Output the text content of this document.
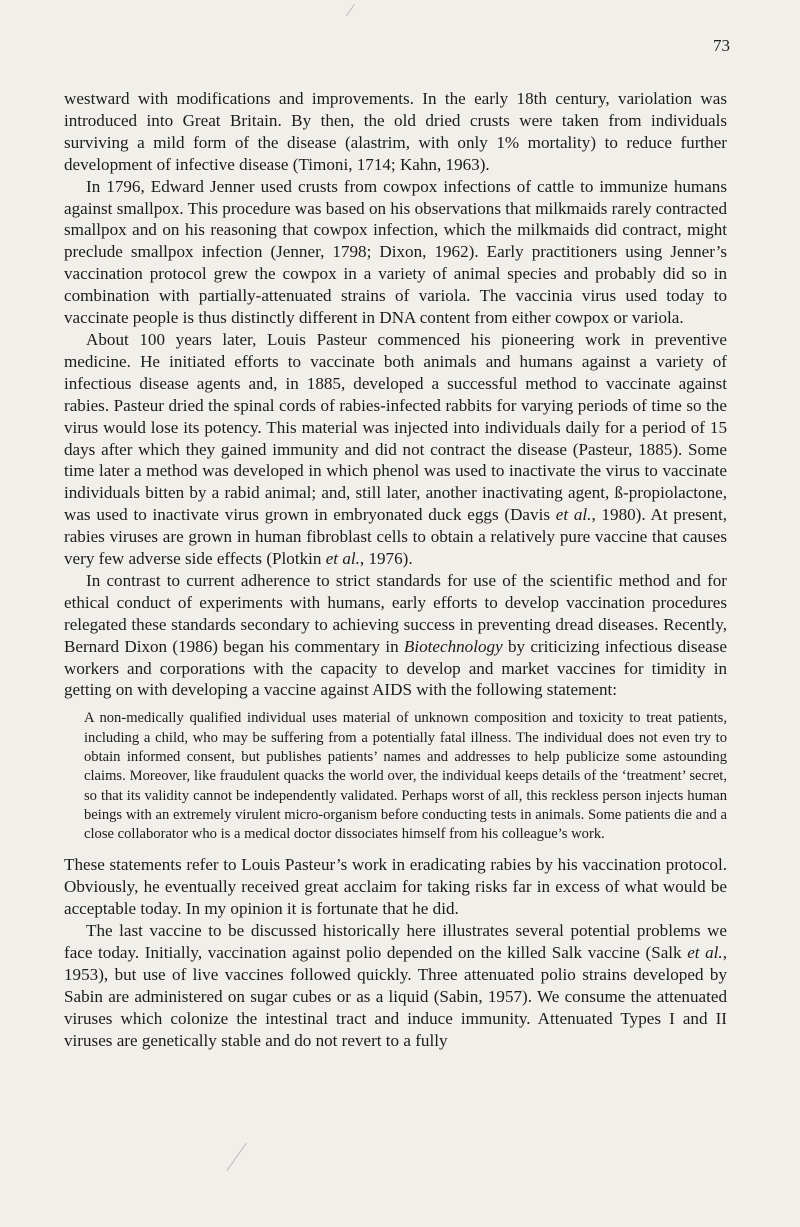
73

westward with modifications and improvements. In the early 18th century, variolation was introduced into Great Britain. By then, the old dried crusts were taken from individuals surviving a mild form of the disease (alastrim, with only 1% mortality) to reduce further development of infective disease (Timoni, 1714; Kahn, 1963).

In 1796, Edward Jenner used crusts from cowpox infections of cattle to immunize humans against smallpox. This procedure was based on his observations that milkmaids rarely contracted smallpox and on his reasoning that cowpox infection, which the milkmaids did contract, might preclude smallpox infection (Jenner, 1798; Dixon, 1962). Early practitioners using Jenner’s vaccination protocol grew the cowpox in a variety of animal species and probably did so in combination with partially-attenuated strains of variola. The vaccinia virus used today to vaccinate people is thus distinctly different in DNA content from either cowpox or variola.

About 100 years later, Louis Pasteur commenced his pioneering work in preventive medicine. He initiated efforts to vaccinate both animals and humans against a variety of infectious disease agents and, in 1885, developed a successful method to vaccinate against rabies. Pasteur dried the spinal cords of rabies-infected rabbits for varying periods of time so the virus would lose its potency. This material was injected into individuals daily for a period of 15 days after which they gained immunity and did not contract the disease (Pasteur, 1885). Some time later a method was developed in which phenol was used to inactivate the virus to vaccinate individuals bitten by a rabid animal; and, still later, another inactivating agent, ß-propiolactone, was used to inactivate virus grown in embryonated duck eggs (Davis et al., 1980). At present, rabies viruses are grown in human fibroblast cells to obtain a relatively pure vaccine that causes very few adverse side effects (Plotkin et al., 1976).

In contrast to current adherence to strict standards for use of the scientific method and for ethical conduct of experiments with humans, early efforts to develop vaccination procedures relegated these standards secondary to achieving success in preventing dread diseases. Recently, Bernard Dixon (1986) began his commentary in Biotechnology by criticizing infectious disease workers and corporations with the capacity to develop and market vaccines for timidity in getting on with developing a vaccine against AIDS with the following statement:

A non-medically qualified individual uses material of unknown composition and toxicity to treat patients, including a child, who may be suffering from a potentially fatal illness. The individual does not even try to obtain informed consent, but publishes patients’ names and addresses to help publicize some astounding claims. Moreover, like fraudulent quacks the world over, the individual keeps details of the ‘treatment’ secret, so that its validity cannot be independently validated. Perhaps worst of all, this reckless person injects human beings with an extremely virulent micro-organism before conducting tests in animals. Some patients die and a close collaborator who is a medical doctor dissociates himself from his colleague’s work.

These statements refer to Louis Pasteur’s work in eradicating rabies by his vaccination protocol. Obviously, he eventually received great acclaim for taking risks far in excess of what would be acceptable today. In my opinion it is fortunate that he did.

The last vaccine to be discussed historically here illustrates several potential problems we face today. Initially, vaccination against polio depended on the killed Salk vaccine (Salk et al., 1953), but use of live vaccines followed quickly. Three attenuated polio strains developed by Sabin are administered on sugar cubes or as a liquid (Sabin, 1957). We consume the attenuated viruses which colonize the intestinal tract and induce immunity. Attenuated Types I and II viruses are genetically stable and do not revert to a fully
